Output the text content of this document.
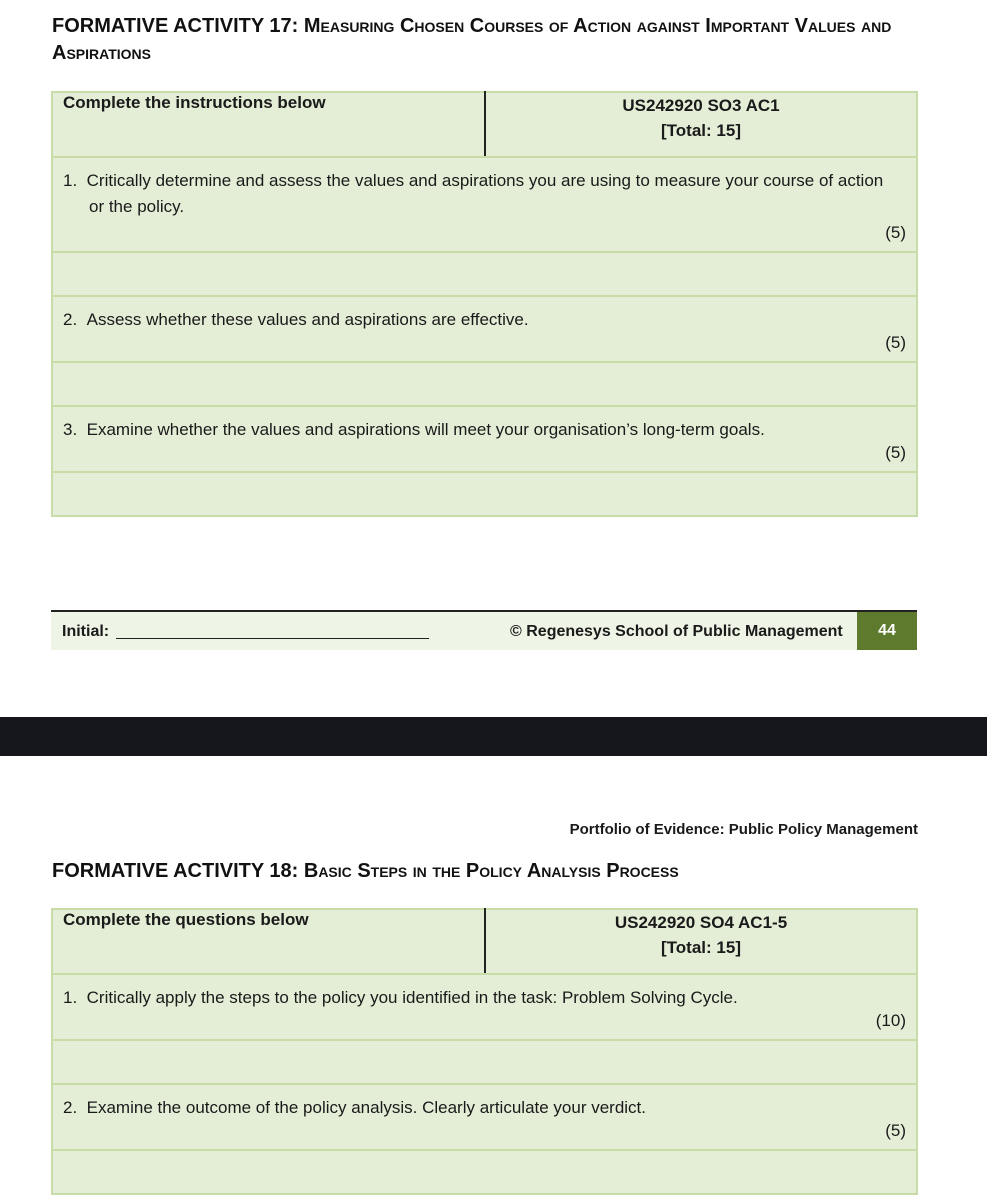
FORMATIVE ACTIVITY 17: Measuring Chosen Courses of Action against Important Values and Aspirations
Complete the instructions below	US242920 SO3 AC1
[Total: 15]

1. Critically determine and assess the values and aspirations you are using to measure your course of action or the policy.
(5)

2. Assess whether these values and aspirations are effective.
(5)

3. Examine whether the values and aspirations will meet your organisation’s long-term goals.
(5)

Initial:	© Regenesys School of Public Management	44
Portfolio of Evidence: Public Policy Management
FORMATIVE ACTIVITY 18: Basic Steps in the Policy Analysis Process
Complete the questions below	US242920 SO4 AC1-5
[Total: 15]

1. Critically apply the steps to the policy you identified in the task: Problem Solving Cycle.
(10)

2. Examine the outcome of the policy analysis. Clearly articulate your verdict.
(5)
